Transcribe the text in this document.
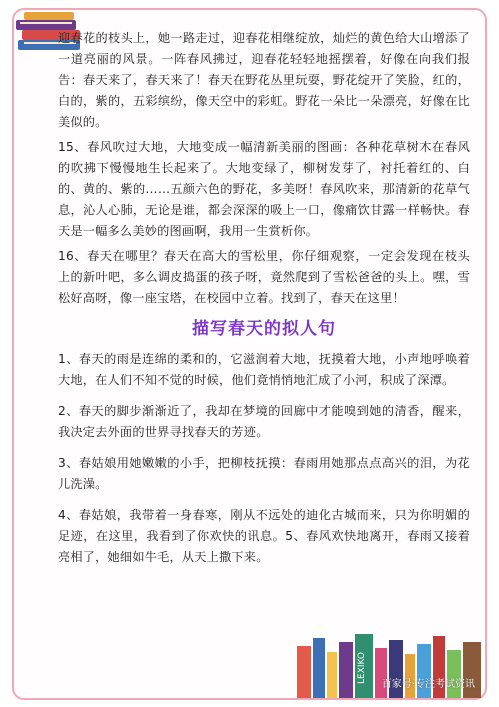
迎春花的枝头上，她一路走过，迎春花相继绽放，灿烂的黄色给大山增添了一道亮丽的风景。一阵春风拂过，迎春花轻轻地摇摆着，好像在向我们报告：春天来了，春天来了！春天在野花丛里玩耍，野花绽开了笑脸，红的，白的，紫的，五彩缤纷，像天空中的彩虹。野花一朵比一朵漂亮，好像在比美似的。

15、春风吹过大地，大地变成一幅清新美丽的图画：各种花草树木在春风的吹拂下慢慢地生长起来了。大地变绿了，柳树发芽了，衬托着红的、白的、黄的、紫的……五颜六色的野花，多美呀！春风吹来，那清新的花草气息，沁人心肺，无论是谁，都会深深的吸上一口，像痛饮甘露一样畅快。春天是一幅多么美妙的图画啊，我用一生赏析你。

16、春天在哪里？春天在高大的雪松里，你仔细观察，一定会发现在枝头上的新叶吧，多么调皮捣蛋的孩子呀，竟然爬到了雪松爸爸的头上。嘿，雪松好高呀，像一座宝塔，在校园中立着。找到了，春天在这里！

描写春天的拟人句

1、春天的雨是连绵的柔和的，它滋润着大地，抚摸着大地，小声地呼唤着大地，在人们不知不觉的时候，他们竟悄悄地汇成了小河，积成了深潭。

2、春天的脚步渐渐近了，我却在梦境的回廊中才能嗅到她的清香，醒来，我决定去外面的世界寻找春天的芳迹。

3、春姑娘用她嫩嫩的小手，把柳枝抚摸：春雨用她那点点高兴的泪，为花儿洗澡。

4、春姑娘，我带着一身春寒，刚从不远处的迪化古城而来，只为你明媚的足迹，在这里，我看到了你欢快的讯息。5、春风欢快地离开，春雨又接着亮相了，她细如牛毛，从天上撒下来。

LEXIKO
百家号·专注考试资讯
